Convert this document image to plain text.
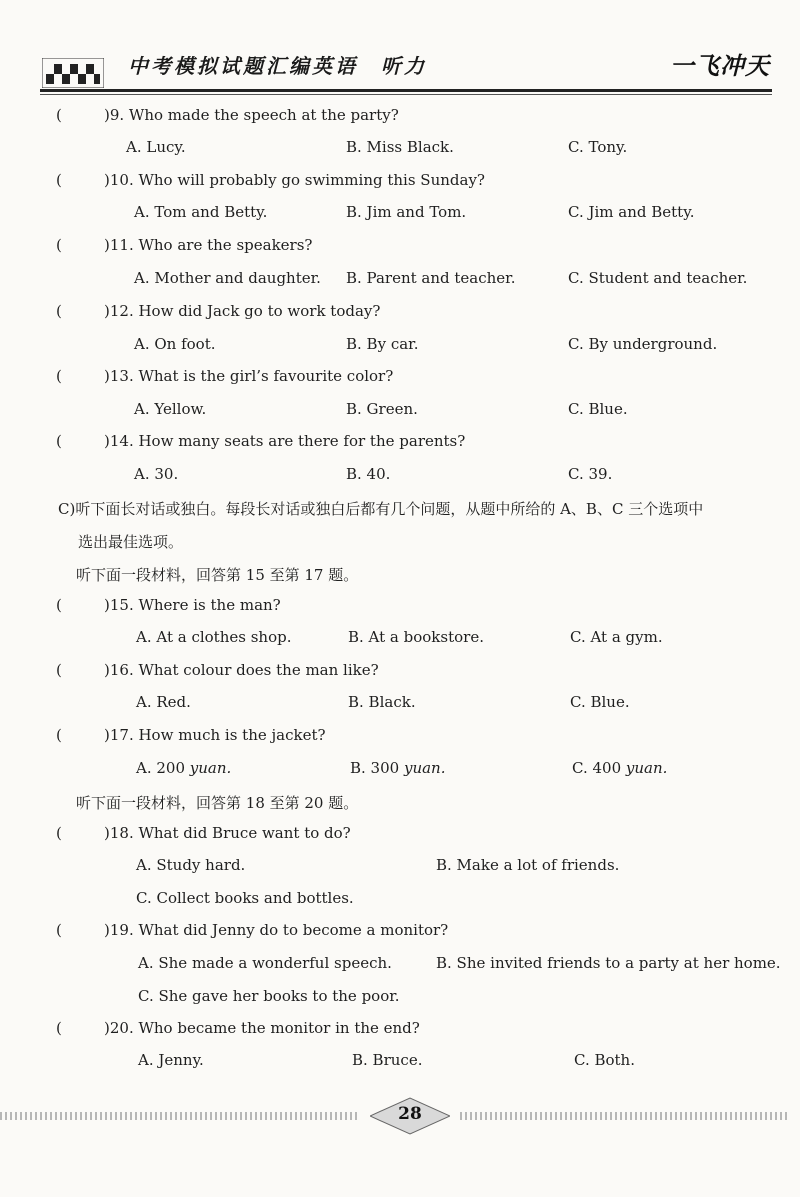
中考模拟试题汇编英语　听力	一飞冲天
(	)9. Who made the speech at the party?
A. Lucy.	B. Miss Black.	C. Tony.
(	)10. Who will probably go swimming this Sunday?
A. Tom and Betty.	B. Jim and Tom.	C. Jim and Betty.
(	)11. Who are the speakers?
A. Mother and daughter. B. Parent and teacher.	C. Student and teacher.
(	)12. How did Jack go to work today?
A. On foot.	B. By car.	C. By underground.
(	)13. What is the girl’s favourite color?
A. Yellow.	B. Green.	C. Blue.
(	)14. How many seats are there for the parents?
A. 30.	B. 40.	C. 39.
C)听下面长对话或独白。每段长对话或独白后都有几个问题，从题中所给的 A、B、C 三个选项中
选出最佳选项。
听下面一段材料，回答第 15 至第 17 题。
(	)15. Where is the man?
A. At a clothes shop.	B. At a bookstore.	C. At a gym.
(	)16. What colour does the man like?
A. Red.	B. Black.	C. Blue.
(	)17. How much is the jacket?
A. 200 yuan.	B. 300 yuan.	C. 400 yuan.
听下面一段材料，回答第 18 至第 20 题。
(	)18. What did Bruce want to do?
A. Study hard.	B. Make a lot of friends.
C. Collect books and bottles.
(	)19. What did Jenny do to become a monitor?
A. She made a wonderful speech.	B. She invited friends to a party at her home.
C. She gave her books to the poor.
(	)20. Who became the monitor in the end?
A. Jenny.	B. Bruce.	C. Both.
28
